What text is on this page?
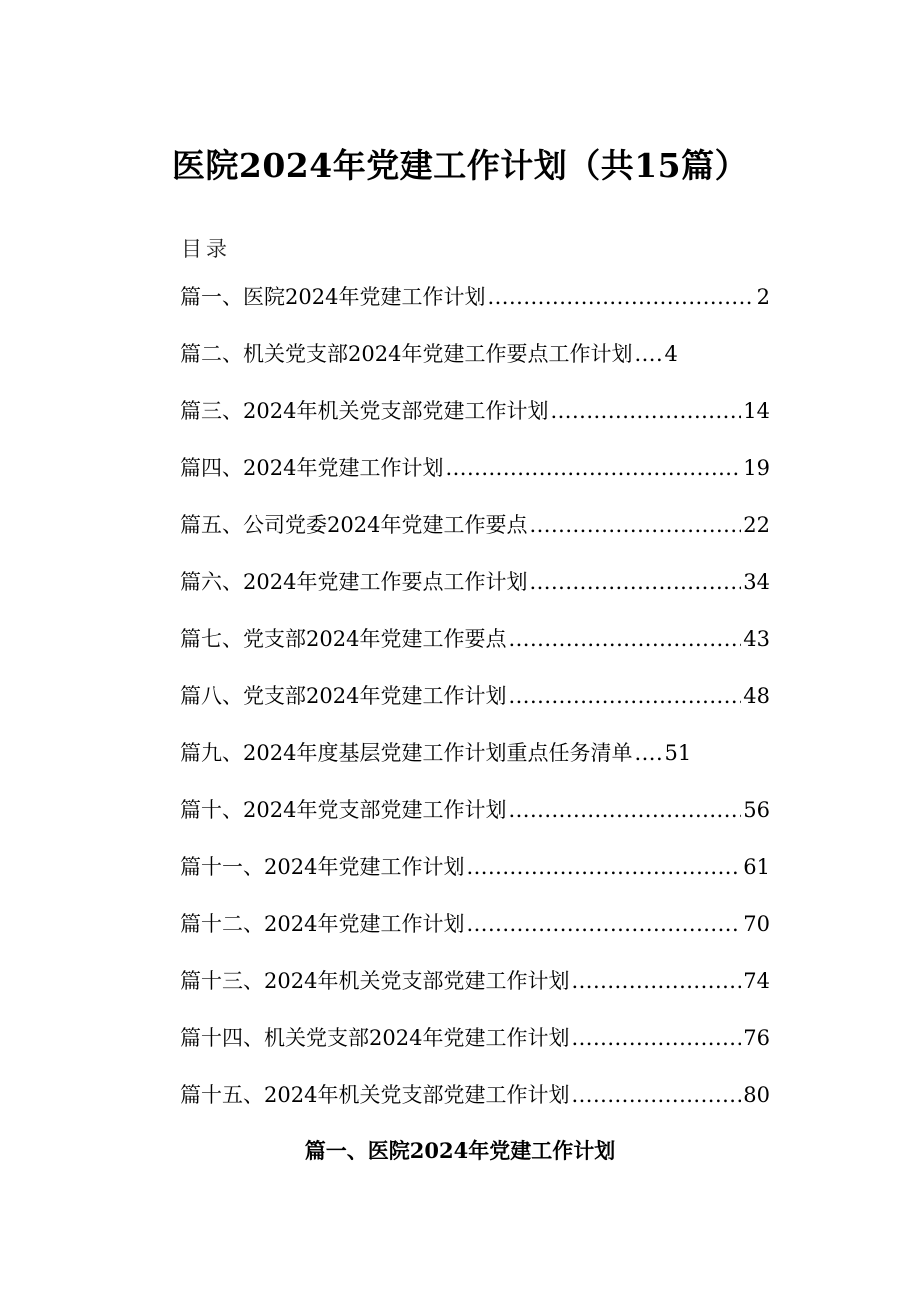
医院2024年党建工作计划（共15篇）
目录
篇一、医院2024年党建工作计划 .....	2
篇二、机关党支部2024年党建工作要点工作计划 ..... 4
篇三、2024年机关党支部党建工作计划 .....	14
篇四、2024年党建工作计划 .....	19
篇五、公司党委2024年党建工作要点 .....	22
篇六、2024年党建工作要点工作计划 .....	34
篇七、党支部2024年党建工作要点 .....	43
篇八、党支部2024年党建工作计划 .....	48
篇九、2024年度基层党建工作计划重点任务清单 ..... 51
篇十、2024年党支部党建工作计划 .....	56
篇十一、2024年党建工作计划 .....	61
篇十二、2024年党建工作计划 .....	70
篇十三、2024年机关党支部党建工作计划 .....	74
篇十四、机关党支部2024年党建工作计划 .....	76
篇十五、2024年机关党支部党建工作计划 .....	80
篇一、医院2024年党建工作计划
